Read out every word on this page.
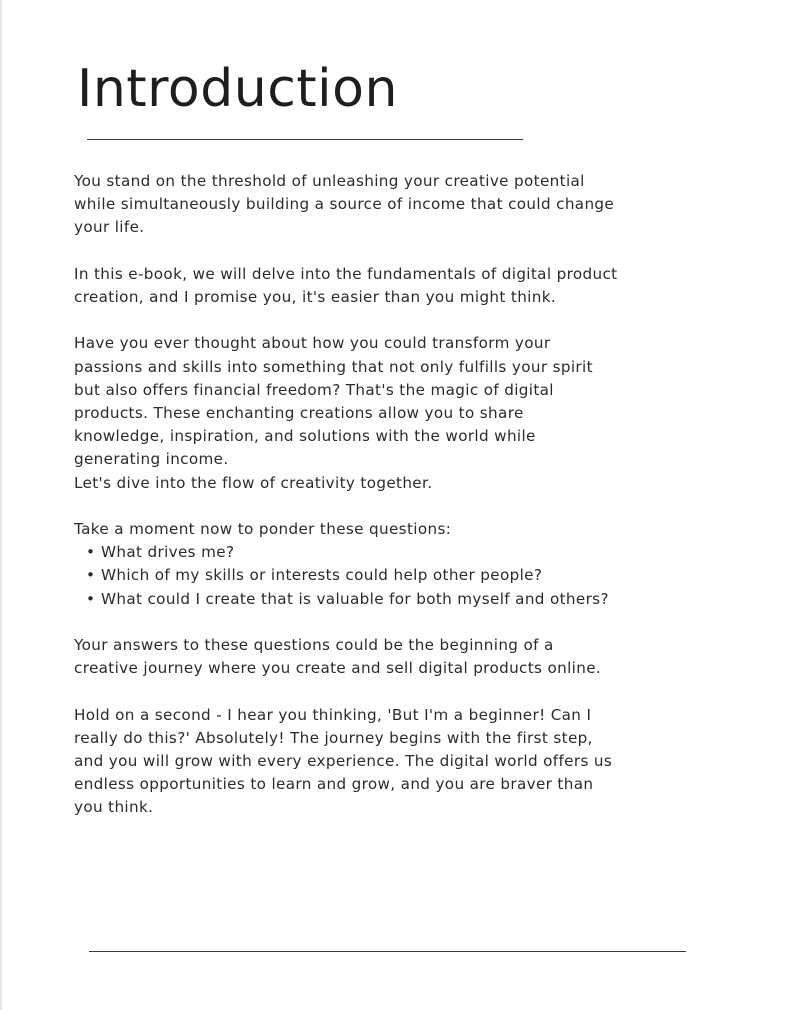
Introduction

You stand on the threshold of unleashing your creative potential
while simultaneously building a source of income that could change
your life.

In this e-book, we will delve into the fundamentals of digital product
creation, and I promise you, it's easier than you might think.

Have you ever thought about how you could transform your
passions and skills into something that not only fulfills your spirit
but also offers financial freedom? That's the magic of digital
products. These enchanting creations allow you to share
knowledge, inspiration, and solutions with the world while
generating income.

Let's dive into the flow of creativity together.

Take a moment now to ponder these questions:

• What drives me?
• Which of my skills or interests could help other people?
• What could I create that is valuable for both myself and others?

Your answers to these questions could be the beginning of a
creative journey where you create and sell digital products online.

Hold on a second - I hear you thinking, 'But I'm a beginner! Can I
really do this?' Absolutely! The journey begins with the first step,
and you will grow with every experience. The digital world offers us
endless opportunities to learn and grow, and you are braver than
you think.
